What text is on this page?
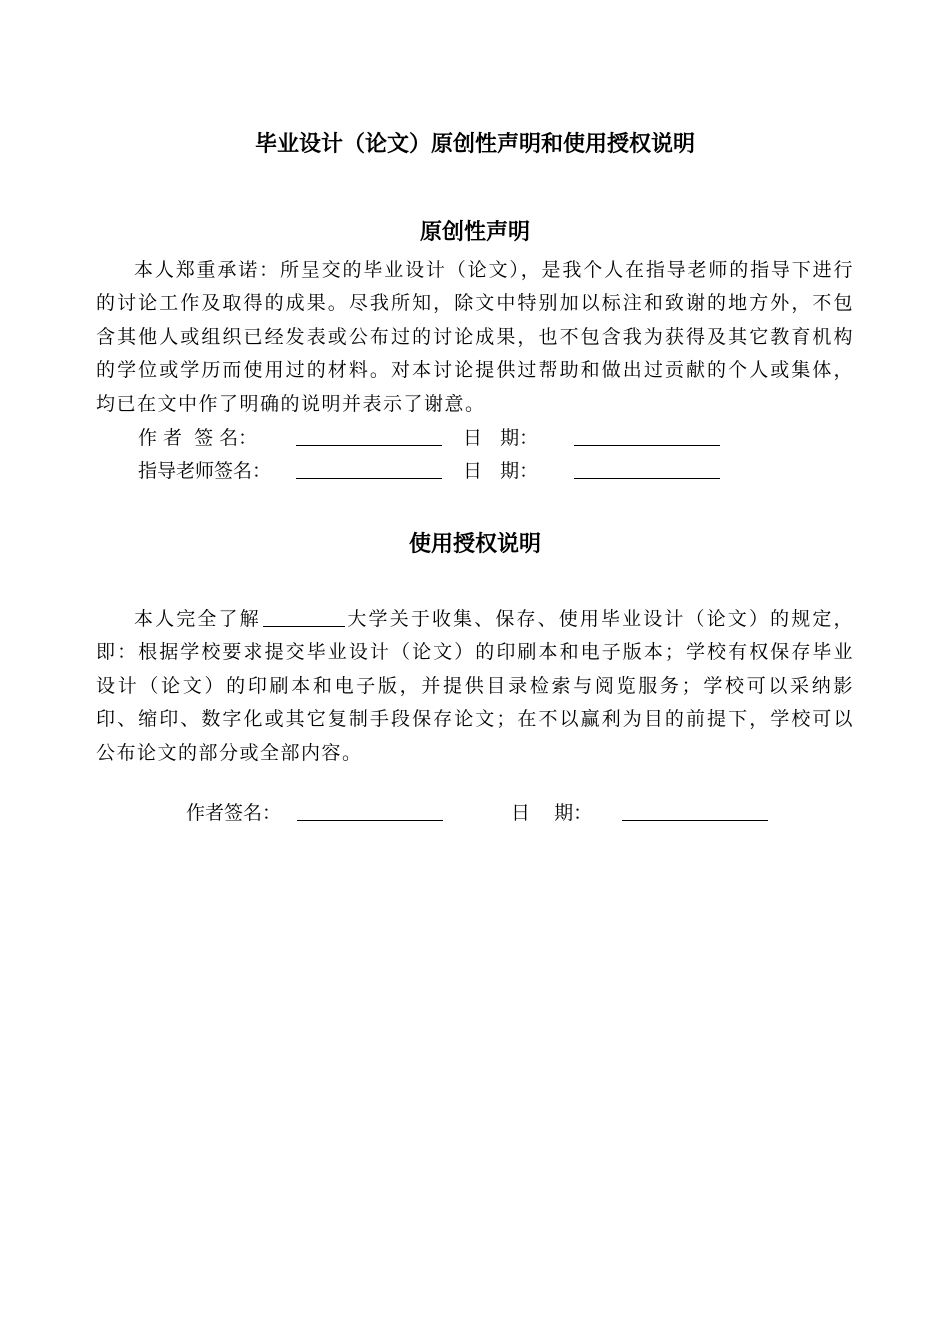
毕业设计（论文）原创性声明和使用授权说明
原创性声明

本人郑重承诺：所呈交的毕业设计（论文），是我个人在指导老师的指导下进行的讨论工作及取得的成果。尽我所知，除文中特别加以标注和致谢的地方外，不包含其他人或组织已经发表或公布过的讨论成果，也不包含我为获得及其它教育机构的学位或学历而使用过的材料。对本讨论提供过帮助和做出过贡献的个人或集体，均已在文中作了明确的说明并表示了谢意。

作 者  签 名：	日   期：
指导老师签名：	日   期：
使用授权说明

本人完全了解	大学关于收集、保存、使用毕业设计（论文）的规定，即：根据学校要求提交毕业设计（论文）的印刷本和电子版本；学校有权保存毕业设计（论文）的印刷本和电子版，并提供目录检索与阅览服务；学校可以采纳影印、缩印、数字化或其它复制手段保存论文；在不以赢利为目的前提下，学校可以公布论文的部分或全部内容。

作者签名：	日    期：
